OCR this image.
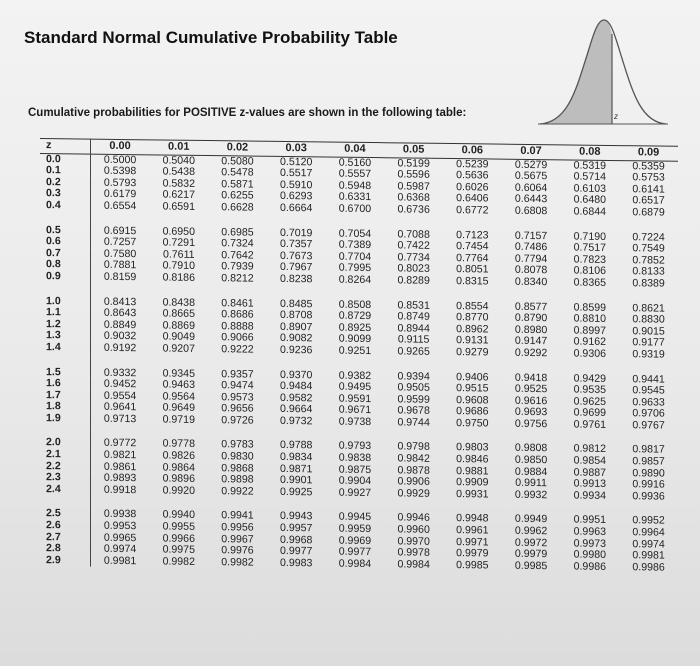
Standard Normal Cumulative Probability Table
z
Cumulative probabilities for POSITIVE z-values are shown in the following table:
z	0.00	0.01	0.02	0.03	0.04	0.05	0.06	0.07	0.08	0.09
0.0	0.5000	0.5040	0.5080	0.5120	0.5160	0.5199	0.5239	0.5279	0.5319	0.5359
0.1	0.5398	0.5438	0.5478	0.5517	0.5557	0.5596	0.5636	0.5675	0.5714	0.5753
0.2	0.5793	0.5832	0.5871	0.5910	0.5948	0.5987	0.6026	0.6064	0.6103	0.6141
0.3	0.6179	0.6217	0.6255	0.6293	0.6331	0.6368	0.6406	0.6443	0.6480	0.6517
0.4	0.6554	0.6591	0.6628	0.6664	0.6700	0.6736	0.6772	0.6808	0.6844	0.6879
0.5	0.6915	0.6950	0.6985	0.7019	0.7054	0.7088	0.7123	0.7157	0.7190	0.7224
0.6	0.7257	0.7291	0.7324	0.7357	0.7389	0.7422	0.7454	0.7486	0.7517	0.7549
0.7	0.7580	0.7611	0.7642	0.7673	0.7704	0.7734	0.7764	0.7794	0.7823	0.7852
0.8	0.7881	0.7910	0.7939	0.7967	0.7995	0.8023	0.8051	0.8078	0.8106	0.8133
0.9	0.8159	0.8186	0.8212	0.8238	0.8264	0.8289	0.8315	0.8340	0.8365	0.8389
1.0	0.8413	0.8438	0.8461	0.8485	0.8508	0.8531	0.8554	0.8577	0.8599	0.8621
1.1	0.8643	0.8665	0.8686	0.8708	0.8729	0.8749	0.8770	0.8790	0.8810	0.8830
1.2	0.8849	0.8869	0.8888	0.8907	0.8925	0.8944	0.8962	0.8980	0.8997	0.9015
1.3	0.9032	0.9049	0.9066	0.9082	0.9099	0.9115	0.9131	0.9147	0.9162	0.9177
1.4	0.9192	0.9207	0.9222	0.9236	0.9251	0.9265	0.9279	0.9292	0.9306	0.9319
1.5	0.9332	0.9345	0.9357	0.9370	0.9382	0.9394	0.9406	0.9418	0.9429	0.9441
1.6	0.9452	0.9463	0.9474	0.9484	0.9495	0.9505	0.9515	0.9525	0.9535	0.9545
1.7	0.9554	0.9564	0.9573	0.9582	0.9591	0.9599	0.9608	0.9616	0.9625	0.9633
1.8	0.9641	0.9649	0.9656	0.9664	0.9671	0.9678	0.9686	0.9693	0.9699	0.9706
1.9	0.9713	0.9719	0.9726	0.9732	0.9738	0.9744	0.9750	0.9756	0.9761	0.9767
2.0	0.9772	0.9778	0.9783	0.9788	0.9793	0.9798	0.9803	0.9808	0.9812	0.9817
2.1	0.9821	0.9826	0.9830	0.9834	0.9838	0.9842	0.9846	0.9850	0.9854	0.9857
2.2	0.9861	0.9864	0.9868	0.9871	0.9875	0.9878	0.9881	0.9884	0.9887	0.9890
2.3	0.9893	0.9896	0.9898	0.9901	0.9904	0.9906	0.9909	0.9911	0.9913	0.9916
2.4	0.9918	0.9920	0.9922	0.9925	0.9927	0.9929	0.9931	0.9932	0.9934	0.9936
2.5	0.9938	0.9940	0.9941	0.9943	0.9945	0.9946	0.9948	0.9949	0.9951	0.9952
2.6	0.9953	0.9955	0.9956	0.9957	0.9959	0.9960	0.9961	0.9962	0.9963	0.9964
2.7	0.9965	0.9966	0.9967	0.9968	0.9969	0.9970	0.9971	0.9972	0.9973	0.9974
2.8	0.9974	0.9975	0.9976	0.9977	0.9977	0.9978	0.9979	0.9979	0.9980	0.9981
2.9	0.9981	0.9982	0.9982	0.9983	0.9984	0.9984	0.9985	0.9985	0.9986	0.9986
